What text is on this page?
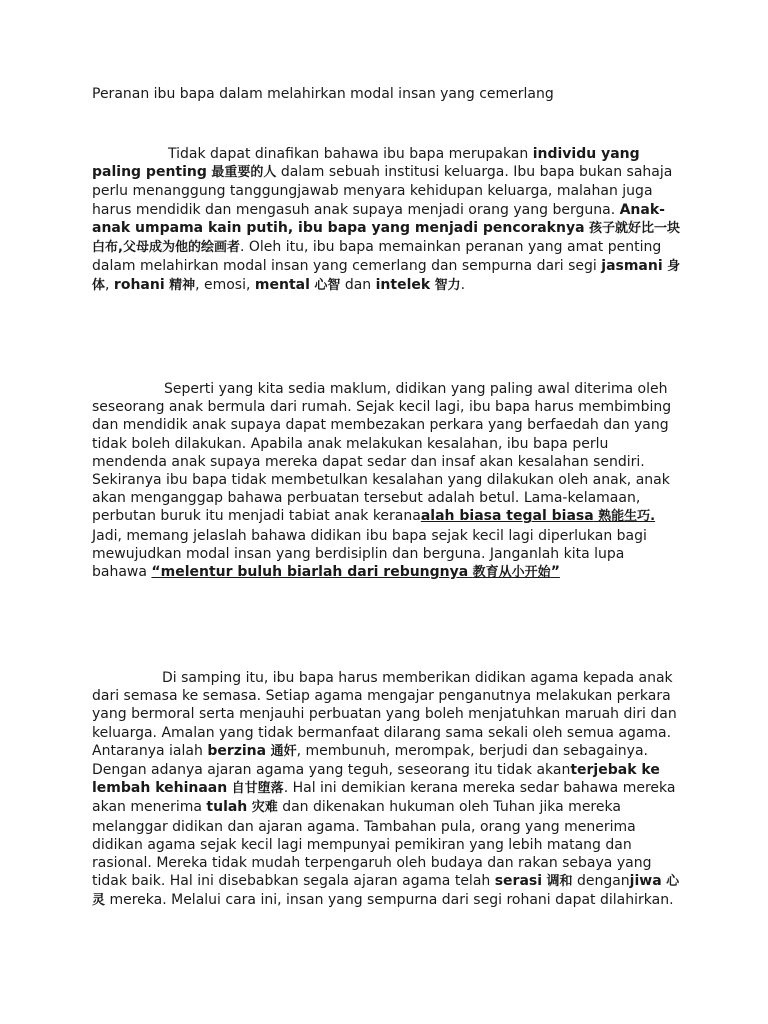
Peranan ibu bapa dalam melahirkan modal insan yang cemerlang

Tidak dapat dinafikan bahawa ibu bapa merupakan individu yang paling penting 最重要的人 dalam sebuah institusi keluarga. Ibu bapa bukan sahaja perlu menanggung tanggungjawab menyara kehidupan keluarga, malahan juga harus mendidik dan mengasuh anak supaya menjadi orang yang berguna. Anak-anak umpama kain putih, ibu bapa yang menjadi pencoraknya 孩子就好比一块白布,父母成为他的绘画者. Oleh itu, ibu bapa memainkan peranan yang amat penting dalam melahirkan modal insan yang cemerlang dan sempurna dari segi jasmani 身体, rohani 精神, emosi, mental 心智 dan intelek 智力.

Seperti yang kita sedia maklum, didikan yang paling awal diterima oleh seseorang anak bermula dari rumah. Sejak kecil lagi, ibu bapa harus membimbing dan mendidik anak supaya dapat membezakan perkara yang berfaedah dan yang tidak boleh dilakukan. Apabila anak melakukan kesalahan, ibu bapa perlu mendenda anak supaya mereka dapat sedar dan insaf akan kesalahan sendiri. Sekiranya ibu bapa tidak membetulkan kesalahan yang dilakukan oleh anak, anak akan menganggap bahawa perbuatan tersebut adalah betul. Lama-kelamaan, perbutan buruk itu menjadi tabiat anak keranaalah biasa tegal biasa 熟能生巧. Jadi, memang jelaslah bahawa didikan ibu bapa sejak kecil lagi diperlukan bagi mewujudkan modal insan yang berdisiplin dan berguna. Janganlah kita lupa bahawa “melentur buluh biarlah dari rebungnya 教育从小开始”

Di samping itu, ibu bapa harus memberikan didikan agama kepada anak dari semasa ke semasa. Setiap agama mengajar penganutnya melakukan perkara yang bermoral serta menjauhi perbuatan yang boleh menjatuhkan maruah diri dan keluarga. Amalan yang tidak bermanfaat dilarang sama sekali oleh semua agama. Antaranya ialah berzina 通奸, membunuh, merompak, berjudi dan sebagainya. Dengan adanya ajaran agama yang teguh, seseorang itu tidak akanterjebak ke lembah kehinaan 自甘堕落. Hal ini demikian kerana mereka sedar bahawa mereka akan menerima tulah 灾难 dan dikenakan hukuman oleh Tuhan jika mereka melanggar didikan dan ajaran agama. Tambahan pula, orang yang menerima didikan agama sejak kecil lagi mempunyai pemikiran yang lebih matang dan rasional. Mereka tidak mudah terpengaruh oleh budaya dan rakan sebaya yang tidak baik. Hal ini disebabkan segala ajaran agama telah serasi 调和 denganjiwa 心灵 mereka. Melalui cara ini, insan yang sempurna dari segi rohani dapat dilahirkan.
